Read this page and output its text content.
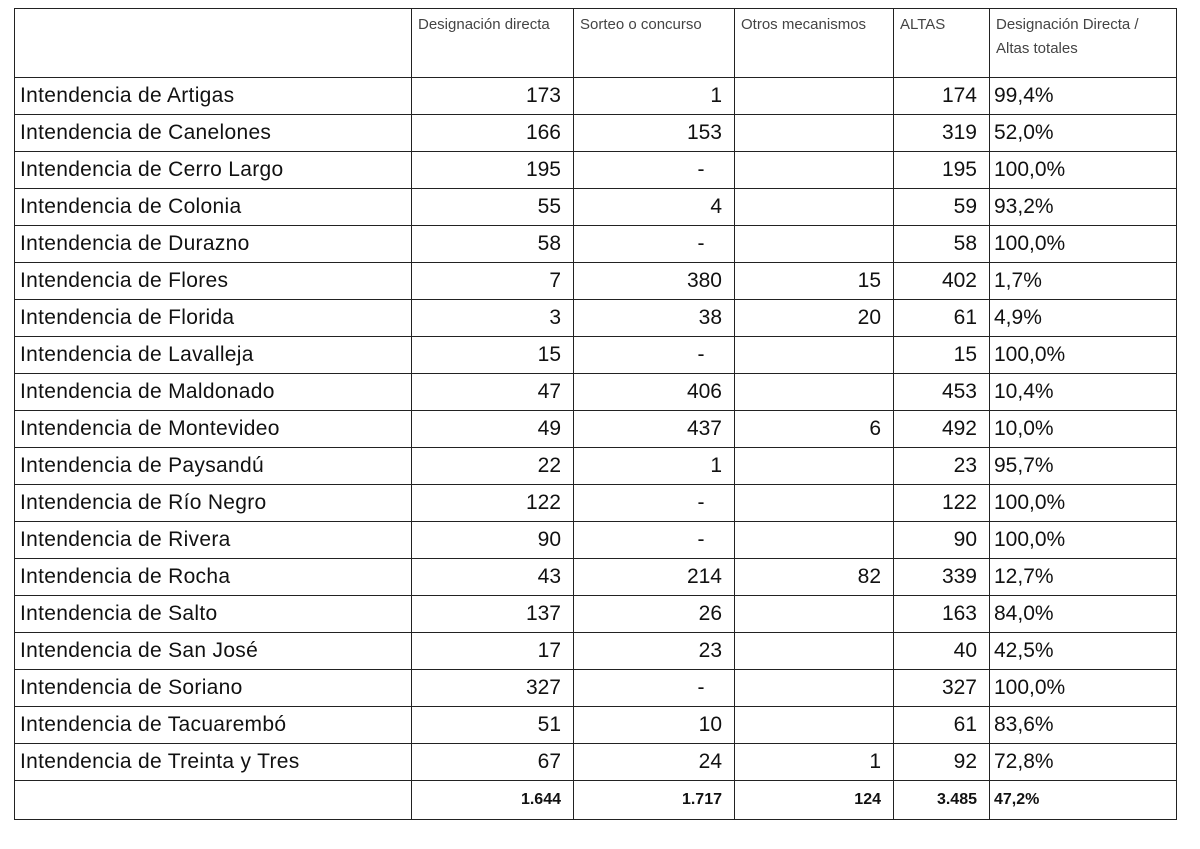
	Designación directa	Sorteo o concurso	Otros mecanismos	ALTAS	Designación Directa / Altas totales
Intendencia de Artigas	173	1		174	99,4%
Intendencia de Canelones	166	153		319	52,0%
Intendencia de Cerro Largo	195	-		195	100,0%
Intendencia de Colonia	55	4		59	93,2%
Intendencia de Durazno	58	-		58	100,0%
Intendencia de Flores	7	380	15	402	1,7%
Intendencia de Florida	3	38	20	61	4,9%
Intendencia de Lavalleja	15	-		15	100,0%
Intendencia de Maldonado	47	406		453	10,4%
Intendencia de Montevideo	49	437	6	492	10,0%
Intendencia de Paysandú	22	1		23	95,7%
Intendencia de Río Negro	122	-		122	100,0%
Intendencia de Rivera	90	-		90	100,0%
Intendencia de Rocha	43	214	82	339	12,7%
Intendencia de Salto	137	26		163	84,0%
Intendencia de San José	17	23		40	42,5%
Intendencia de Soriano	327	-		327	100,0%
Intendencia de Tacuarembó	51	10		61	83,6%
Intendencia de Treinta y Tres	67	24	1	92	72,8%
	1.644	1.717	124	3.485	47,2%
